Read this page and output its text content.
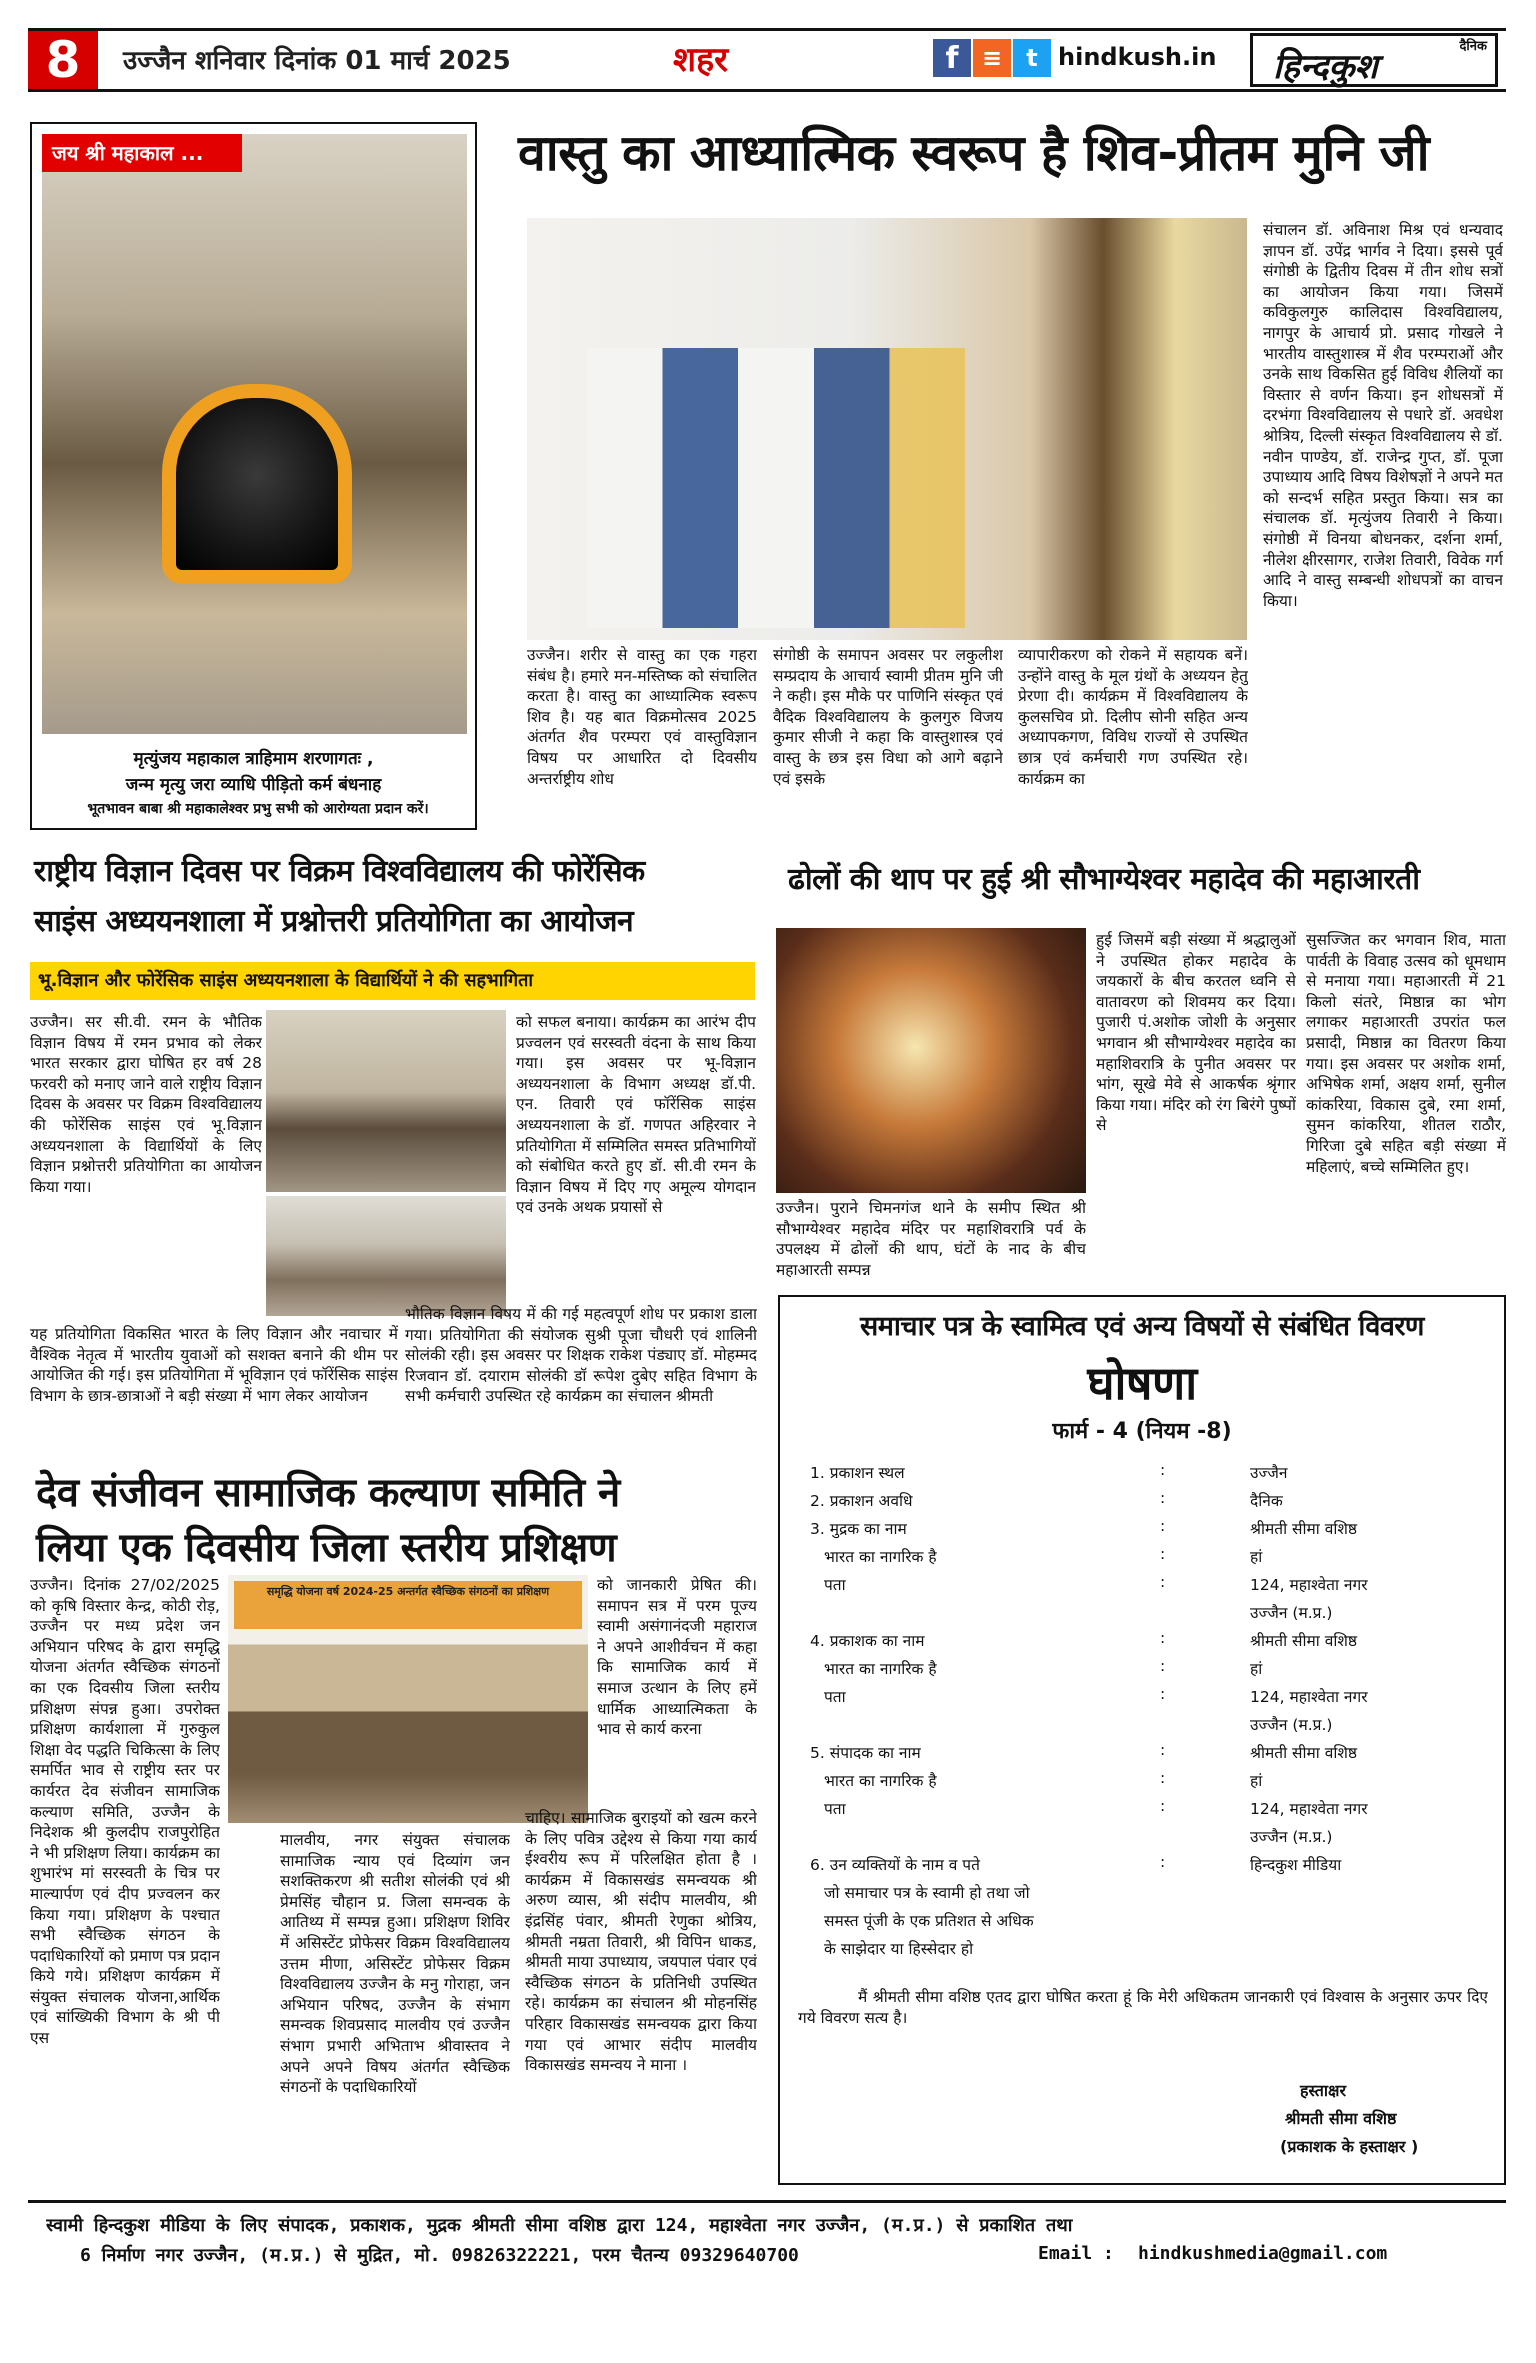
8	उज्जैन शनिवार दिनांक 01 मार्च 2025	शहर	f ≡	t hindkush.in	दैनिक
हिन्दकुश
जय श्री महाकाल ...
मृत्युंजय महाकाल त्राहिमाम शरणागतः ,
जन्म मृत्यु जरा व्याधि पीड़ितो कर्म बंधनाह
भूतभावन बाबा श्री महाकालेश्वर प्रभु सभी को आरोग्यता प्रदान करें।
वास्तु का आध्यात्मिक स्वरूप है शिव-प्रीतम मुनि जी
उज्जैन। शरीर से वास्तु का एक गहरा संबंध है। हमारे मन-मस्तिष्क को संचालित करता है। वास्तु का आध्यात्मिक स्वरूप शिव है। यह बात विक्रमोत्सव 2025 अंतर्गत शैव परम्परा एवं वास्तुविज्ञान विषय पर आधारित दो दिवसीय अन्तर्राष्ट्रीय शोध
संगोष्ठी के समापन अवसर पर लकुलीश सम्प्रदाय के आचार्य स्वामी प्रीतम मुनि जी ने कही। इस मौके पर पाणिनि संस्कृत एवं वैदिक विश्वविद्यालय के कुलगुरु विजय कुमार सीजी ने कहा कि वास्तुशास्त्र एवं वास्तु के छत्र इस विधा को आगे बढ़ाने एवं इसके
व्यापारीकरण को रोकने में सहायक बनें। उन्होंने वास्तु के मूल ग्रंथों के अध्ययन हेतु प्रेरणा दी। कार्यक्रम में विश्वविद्यालय के कुलसचिव प्रो. दिलीप सोनी सहित अन्य अध्यापकगण, विविध राज्यों से उपस्थित छात्र एवं कर्मचारी गण उपस्थित रहे। कार्यक्रम का
संचालन डॉ. अविनाश मिश्र एवं धन्यवाद ज्ञापन डॉ. उपेंद्र भार्गव ने दिया। इससे पूर्व संगोष्ठी के द्वितीय दिवस में तीन शोध सत्रों का आयोजन किया गया। जिसमें कविकुलगुरु कालिदास विश्वविद्यालय, नागपुर के आचार्य प्रो. प्रसाद गोखले ने भारतीय वास्तुशास्त्र में शैव परम्पराओं और उनके साथ विकसित हुई विविध शैलियों का विस्तार से वर्णन किया। इन शोधसत्रों में दरभंगा विश्वविद्यालय से पधारे डॉ. अवधेश श्रोत्रिय, दिल्ली संस्कृत विश्वविद्यालय से डॉ. नवीन पाण्डेय, डॉ. राजेन्द्र गुप्त, डॉ. पूजा उपाध्याय आदि विषय विशेषज्ञों ने अपने मत को सन्दर्भ सहित प्रस्तुत किया। सत्र का संचालक डॉ. मृत्युंजय तिवारी ने किया। संगोष्ठी में विनया बोधनकर, दर्शना शर्मा, नीलेश क्षीरसागर, राजेश तिवारी, विवेक गर्ग आदि ने वास्तु सम्बन्धी शोधपत्रों का वाचन किया।
राष्ट्रीय विज्ञान दिवस पर विक्रम विश्वविद्यालय की फोरेंसिक
साइंस अध्ययनशाला में प्रश्नोत्तरी प्रतियोगिता का आयोजन
भू.विज्ञान और फोरेंसिक साइंस अध्ययनशाला के विद्यार्थियों ने की सहभागिता
उज्जैन। सर सी.वी. रमन के भौतिक विज्ञान विषय में रमन प्रभाव को लेकर भारत सरकार द्वारा घोषित हर वर्ष 28 फरवरी को मनाए जाने वाले राष्ट्रीय विज्ञान दिवस के अवसर पर विक्रम विश्वविद्यालय की फोरेंसिक साइंस एवं भू.विज्ञान अध्ययनशाला के विद्यार्थियों के लिए विज्ञान प्रश्नोत्तरी प्रतियोगिता का आयोजन किया गया।
को सफल बनाया। कार्यक्रम का आरंभ दीप प्रज्वलन एवं सरस्वती वंदना के साथ किया गया। इस अवसर पर भू-विज्ञान अध्ययनशाला के विभाग अध्यक्ष डॉ.पी. एन. तिवारी एवं फॉरेंसिक साइंस अध्ययनशाला के डॉ. गणपत अहिरवार ने प्रतियोगिता में सम्मिलित समस्त प्रतिभागियों को संबोधित करते हुए डॉ. सी.वी रमन के विज्ञान विषय में दिए गए अमूल्य योगदान एवं उनके अथक प्रयासों से
यह प्रतियोगिता विकसित भारत के लिए विज्ञान और नवाचार में वैश्विक नेतृत्व में भारतीय युवाओं को सशक्त बनाने की थीम पर आयोजित की गई। इस प्रतियोगिता में भूविज्ञान एवं फॉरेंसिक साइंस विभाग के छात्र-छात्राओं ने बड़ी संख्या में भाग लेकर आयोजन
भौतिक विज्ञान विषय में की गई महत्वपूर्ण शोध पर प्रकाश डाला गया। प्रतियोगिता की संयोजक सुश्री पूजा चौधरी एवं शालिनी सोलंकी रही। इस अवसर पर शिक्षक राकेश पंड्याए डॉ. मोहम्मद रिजवान डॉ. दयाराम सोलंकी डॉ रूपेश दुबेए सहित विभाग के सभी कर्मचारी उपस्थित रहे कार्यक्रम का संचालन श्रीमती
ढोलों की थाप पर हुई श्री सौभाग्येश्वर महादेव की महाआरती
उज्जैन। पुराने चिमनगंज थाने के समीप स्थित श्री सौभाग्येश्वर महादेव मंदिर पर महाशिवरात्रि पर्व के उपलक्ष्य में ढोलों की थाप, घंटों के नाद के बीच महाआरती सम्पन्न
हुई जिसमें बड़ी संख्या में श्रद्धालुओं ने उपस्थित होकर महादेव के जयकारों के बीच करतल ध्वनि से वातावरण को शिवमय कर दिया। पुजारी पं.अशोक जोशी के अनुसार भगवान श्री सौभाग्येश्वर महादेव का महाशिवरात्रि के पुनीत अवसर पर भांग, सूखे मेवे से आकर्षक श्रृंगार किया गया। मंदिर को रंग बिरंगे पुष्पों से
सुसज्जित कर भगवान शिव, माता पार्वती के विवाह उत्सव को धूमधाम से मनाया गया। महाआरती में 21 किलो संतरे, मिष्ठान्न का भोग लगाकर महाआरती उपरांत फल प्रसादी, मिष्ठान्न का वितरण किया गया। इस अवसर पर अशोक शर्मा, अभिषेक शर्मा, अक्षय शर्मा, सुनील कांकरिया, विकास दुबे, रमा शर्मा, सुमन कांकरिया, शीतल राठौर, गिरिजा दुबे सहित बड़ी संख्या में महिलाएं, बच्चे सम्मिलित हुए।
समाचार पत्र के स्वामित्व एवं अन्य विषयों से संबंधित विवरण
घोषणा
फार्म - 4 (नियम -8)
1. प्रकाशन स्थल	:	उज्जैन
2. प्रकाशन अवधि	:	दैनिक
3. मुद्रक का नाम	:	श्रीमती सीमा वशिष्ठ
भारत का नागरिक है	:	हां
पता	:	124, महाश्वेता नगर
		उज्जैन (म.प्र.)
4. प्रकाशक का नाम	:	श्रीमती सीमा वशिष्ठ
भारत का नागरिक है	:	हां
पता	:	124, महाश्वेता नगर
		उज्जैन (म.प्र.)
5. संपादक का नाम	:	श्रीमती सीमा वशिष्ठ
भारत का नागरिक है	:	हां
पता	:	124, महाश्वेता नगर
		उज्जैन (म.प्र.)
6. उन व्यक्तियों के नाम व पते	:	हिन्दकुश मीडिया
जो समाचार पत्र के स्वामी हो तथा जो		
समस्त पूंजी के एक प्रतिशत से अधिक		
के साझेदार या हिस्सेदार हो		
मैं श्रीमती सीमा वशिष्ठ एतद द्वारा घोषित करता हूं कि मेरी अधिकतम जानकारी एवं विश्वास के अनुसार ऊपर दिए गये विवरण सत्य है।
हस्ताक्षर
श्रीमती सीमा वशिष्ठ
(प्रकाशक के हस्ताक्षर )
देव संजीवन सामाजिक कल्याण समिति ने
लिया एक दिवसीय जिला स्तरीय प्रशिक्षण
समृद्धि योजना वर्ष 2024-25 अन्तर्गत स्वैच्छिक संगठनों का प्रशिक्षण
उज्जैन। दिनांक 27/02/2025 को कृषि विस्तार केन्द्र, कोठी रोड़, उज्जैन पर मध्य प्रदेश जन अभियान परिषद के द्वारा समृद्धि योजना अंतर्गत स्वैच्छिक संगठनों का एक दिवसीय जिला स्तरीय प्रशिक्षण संपन्न हुआ। उपरोक्त प्रशिक्षण कार्यशाला में गुरुकुल शिक्षा वेद पद्धति चिकित्सा के लिए समर्पित भाव से राष्ट्रीय स्तर पर कार्यरत देव संजीवन सामाजिक कल्याण समिति, उज्जैन के निदेशक श्री कुलदीप राजपुरोहित ने भी प्रशिक्षण लिया। कार्यक्रम का शुभारंभ मां सरस्वती के चित्र पर माल्यार्पण एवं दीप प्रज्वलन कर किया गया। प्रशिक्षण के पश्चात सभी स्वैच्छिक संगठन के पदाधिकारियों को प्रमाण पत्र प्रदान किये गये। प्रशिक्षण कार्यक्रम में संयुक्त संचालक योजना,आर्थिक एवं सांख्यिकी विभाग के श्री पी एस
को जानकारी प्रेषित की। समापन सत्र में परम पूज्य स्वामी असंगानंदजी महाराज ने अपने आशीर्वचन में कहा कि सामाजिक कार्य में समाज उत्थान के लिए हमें धार्मिक आध्यात्मिकता के भाव से कार्य करना
मालवीय, नगर संयुक्त संचालक सामाजिक न्याय एवं दिव्यांग जन सशक्तिकरण श्री सतीश सोलंकी एवं श्री प्रेमसिंह चौहान प्र. जिला समन्वक के आतिथ्य में सम्पन्न हुआ। प्रशिक्षण शिविर में असिस्टेंट प्रोफेसर विक्रम विश्वविद्यालय उत्तम मीणा, असिस्टेंट प्रोफेसर विक्रम विश्वविद्यालय उज्जैन के मनु गोराहा, जन अभियान परिषद, उज्जैन के संभाग समन्वक शिवप्रसाद मालवीय एवं उज्जैन संभाग प्रभारी अभिताभ श्रीवास्तव ने अपने अपने विषय अंतर्गत स्वैच्छिक संगठनों के पदाधिकारियों
चाहिए। सामाजिक बुराइयों को खत्म करने के लिए पवित्र उद्देश्य से किया गया कार्य ईश्वरीय रूप में परिलक्षित होता है । कार्यक्रम में विकासखंड समन्वयक श्री अरुण व्यास, श्री संदीप मालवीय, श्री इंद्रसिंह पंवार, श्रीमती रेणुका श्रोत्रिय, श्रीमती नम्रता तिवारी, श्री विपिन धाकड, श्रीमती माया उपाध्याय, जयपाल पंवार एवं स्वैच्छिक संगठन के प्रतिनिधी उपस्थित रहे। कार्यक्रम का संचालन श्री मोहनसिंह परिहार विकासखंड समन्वयक द्वारा किया गया एवं आभार संदीप मालवीय विकासखंड समन्वय ने माना ।
स्वामी हिन्दकुश मीडिया के लिए संपादक, प्रकाशक, मुद्रक श्रीमती सीमा वशिष्ठ द्वारा 124, महाश्वेता नगर उज्जैन, (म.प्र.) से प्रकाशित तथा
6 निर्माण नगर उज्जैन, (म.प्र.) से मुद्रित, मो. 09826322221, परम चैतन्य 09329640700	Email : hindkushmedia@gmail.com
